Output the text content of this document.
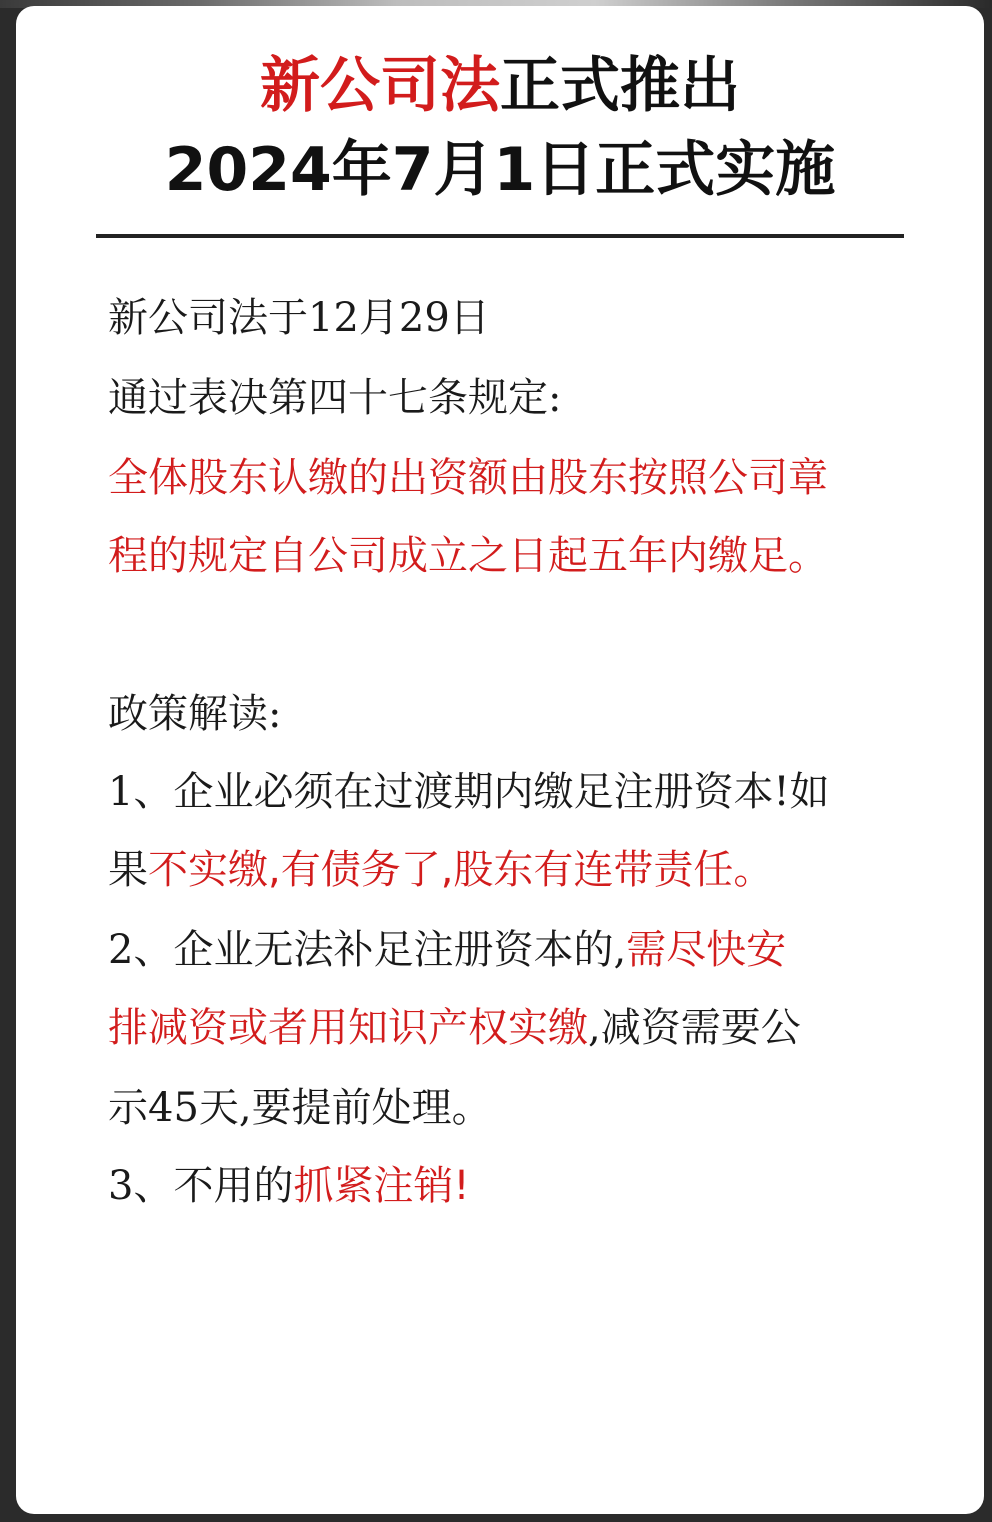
新公司法正式推出
2024年7月1日正式实施
新公司法于12月29日
通过表决第四十七条规定:
全体股东认缴的出资额由股东按照公司章
程的规定自公司成立之日起五年内缴足。
政策解读:
1、企业必须在过渡期内缴足注册资本!如
果不实缴,有债务了,股东有连带责任。
2、企业无法补足注册资本的,需尽快安
排减资或者用知识产权实缴,减资需要公
示45天,要提前处理。
3、不用的抓紧注销!
